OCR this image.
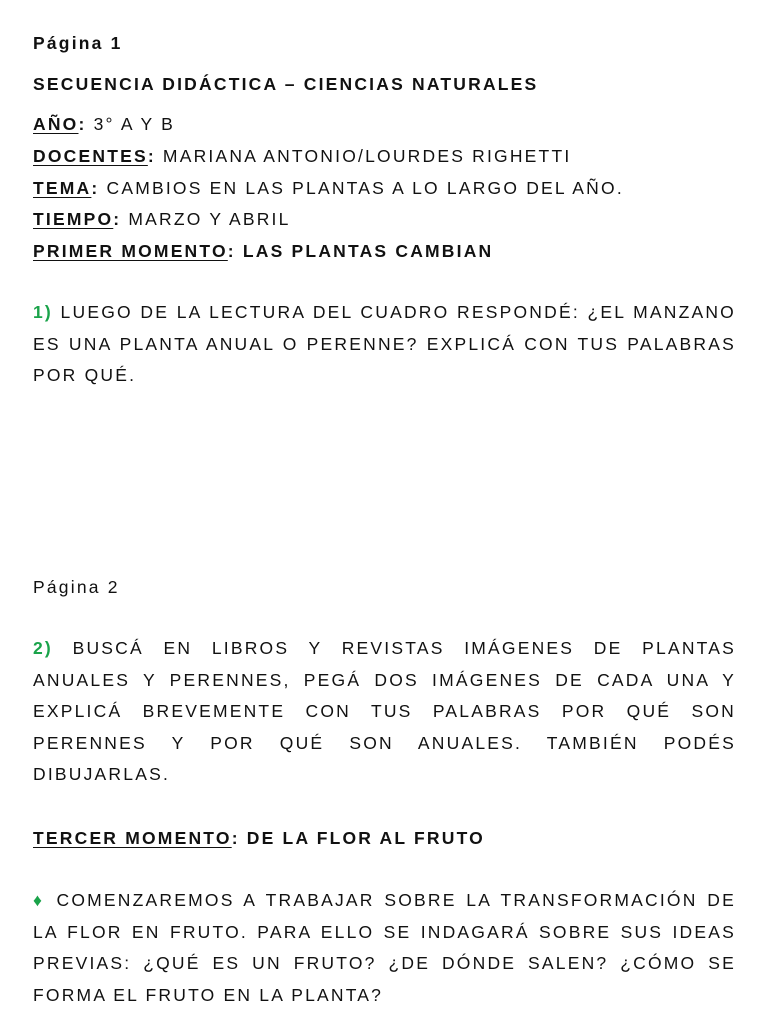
Página 1
SECUENCIA DIDÁCTICA – CIENCIAS NATURALES
AÑO: 3° A Y B
DOCENTES: MARIANA ANTONIO/LOURDES RIGHETTI
TEMA: CAMBIOS EN LAS PLANTAS A LO LARGO DEL AÑO.
TIEMPO: MARZO Y ABRIL
PRIMER MOMENTO: LAS PLANTAS CAMBIAN
1) LUEGO DE LA LECTURA DEL CUADRO RESPONDÉ: ¿EL MANZANO ES UNA PLANTA ANUAL O PERENNE? EXPLICÁ CON TUS PALABRAS POR QUÉ.
Página 2
2) BUSCÁ EN LIBROS Y REVISTAS IMÁGENES DE PLANTAS ANUALES Y PERENNES, PEGÁ DOS IMÁGENES DE CADA UNA Y EXPLICÁ BREVEMENTE CON TUS PALABRAS POR QUÉ SON PERENNES Y POR QUÉ SON ANUALES. TAMBIÉN PODÉS DIBUJARLAS.
TERCER MOMENTO: DE LA FLOR AL FRUTO
♦ COMENZAREMOS A TRABAJAR SOBRE LA TRANSFORMACIÓN DE LA FLOR EN FRUTO. PARA ELLO SE INDAGARÁ SOBRE SUS IDEAS PREVIAS: ¿QUÉ ES UN FRUTO? ¿DE DÓNDE SALEN? ¿CÓMO SE FORMA EL FRUTO EN LA PLANTA?
